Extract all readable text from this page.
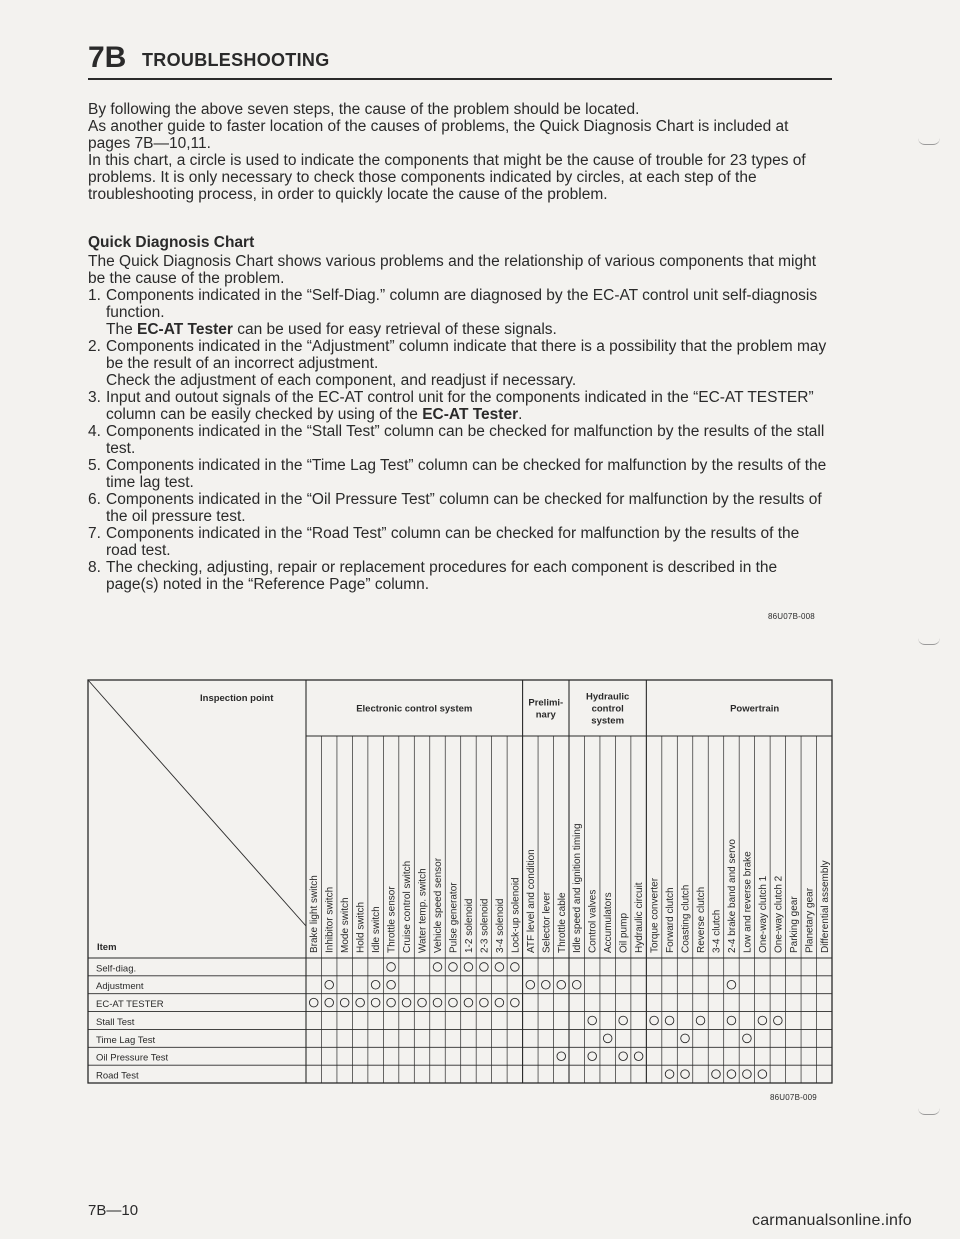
7B TROUBLESHOOTING

By following the above seven steps, the cause of the problem should be located.

As another guide to faster location of the causes of problems, the Quick Diagnosis Chart is included at pages 7B—10,11.

In this chart, a circle is used to indicate the components that might be the cause of trouble for 23 types of problems. It is only necessary to check those components indicated by circles, at each step of the troubleshooting process, in order to quickly locate the cause of the problem.

Quick Diagnosis Chart

The Quick Diagnosis Chart shows various problems and the relationship of various components that might be the cause of the problem.

1. Components indicated in the “Self-Diag.” column are diagnosed by the EC-AT control unit self-diagnosis function.
The EC-AT Tester can be used for easy retrieval of these signals.
2. Components indicated in the “Adjustment” column indicate that there is a possibility that the problem may be the result of an incorrect adjustment.
Check the adjustment of each component, and readjust if necessary.
3. Input and outout signals of the EC-AT control unit for the components indicated in the “EC-AT TESTER” column can be easily checked by using of the EC-AT Tester.
4. Components indicated in the “Stall Test” column can be checked for malfunction by the results of the stall test.
5. Components indicated in the “Time Lag Test” column can be checked for malfunction by the results of the time lag test.
6. Components indicated in the “Oil Pressure Test” column can be checked for malfunction by the results of the oil pressure test.
7. Components indicated in the “Road Test” column can be checked for malfunction by the results of the road test.
8. The checking, adjusting, repair or replacement procedures for each component is described in the page(s) noted in the “Reference Page” column.
86U07B-008
Inspection point
Item
Electronic control system
Prelimi-
nary
Hydraulic
control
system
Powertrain
Brake light switch Inhibitor switch Mode switch Hold switch Idle switch Throttle sensor Cruise control switch Water temp. switch Vehicle speed sensor Pulse generator 1-2 solenoid 2-3 solenoid 3-4 solenoid Lock-up solenoid ATF level and condition Selector lever Throttle cable Idle speed and ignition timing Control valves Accumulators Oil pump Hydraulic circuit Torque converter Forward clutch Coasting clutch Reverse clutch 3-4 clutch 2-4 brake band and servo Low and reverse brake One-way clutch 1 One-way clutch 2 Parking gear Planetary gear Differential assembly
Self-diag.
Adjustment
EC-AT TESTER
Stall Test
Time Lag Test
Oil Pressure Test
Road Test
86U07B-009
7B—10
carmanualsonline.info
